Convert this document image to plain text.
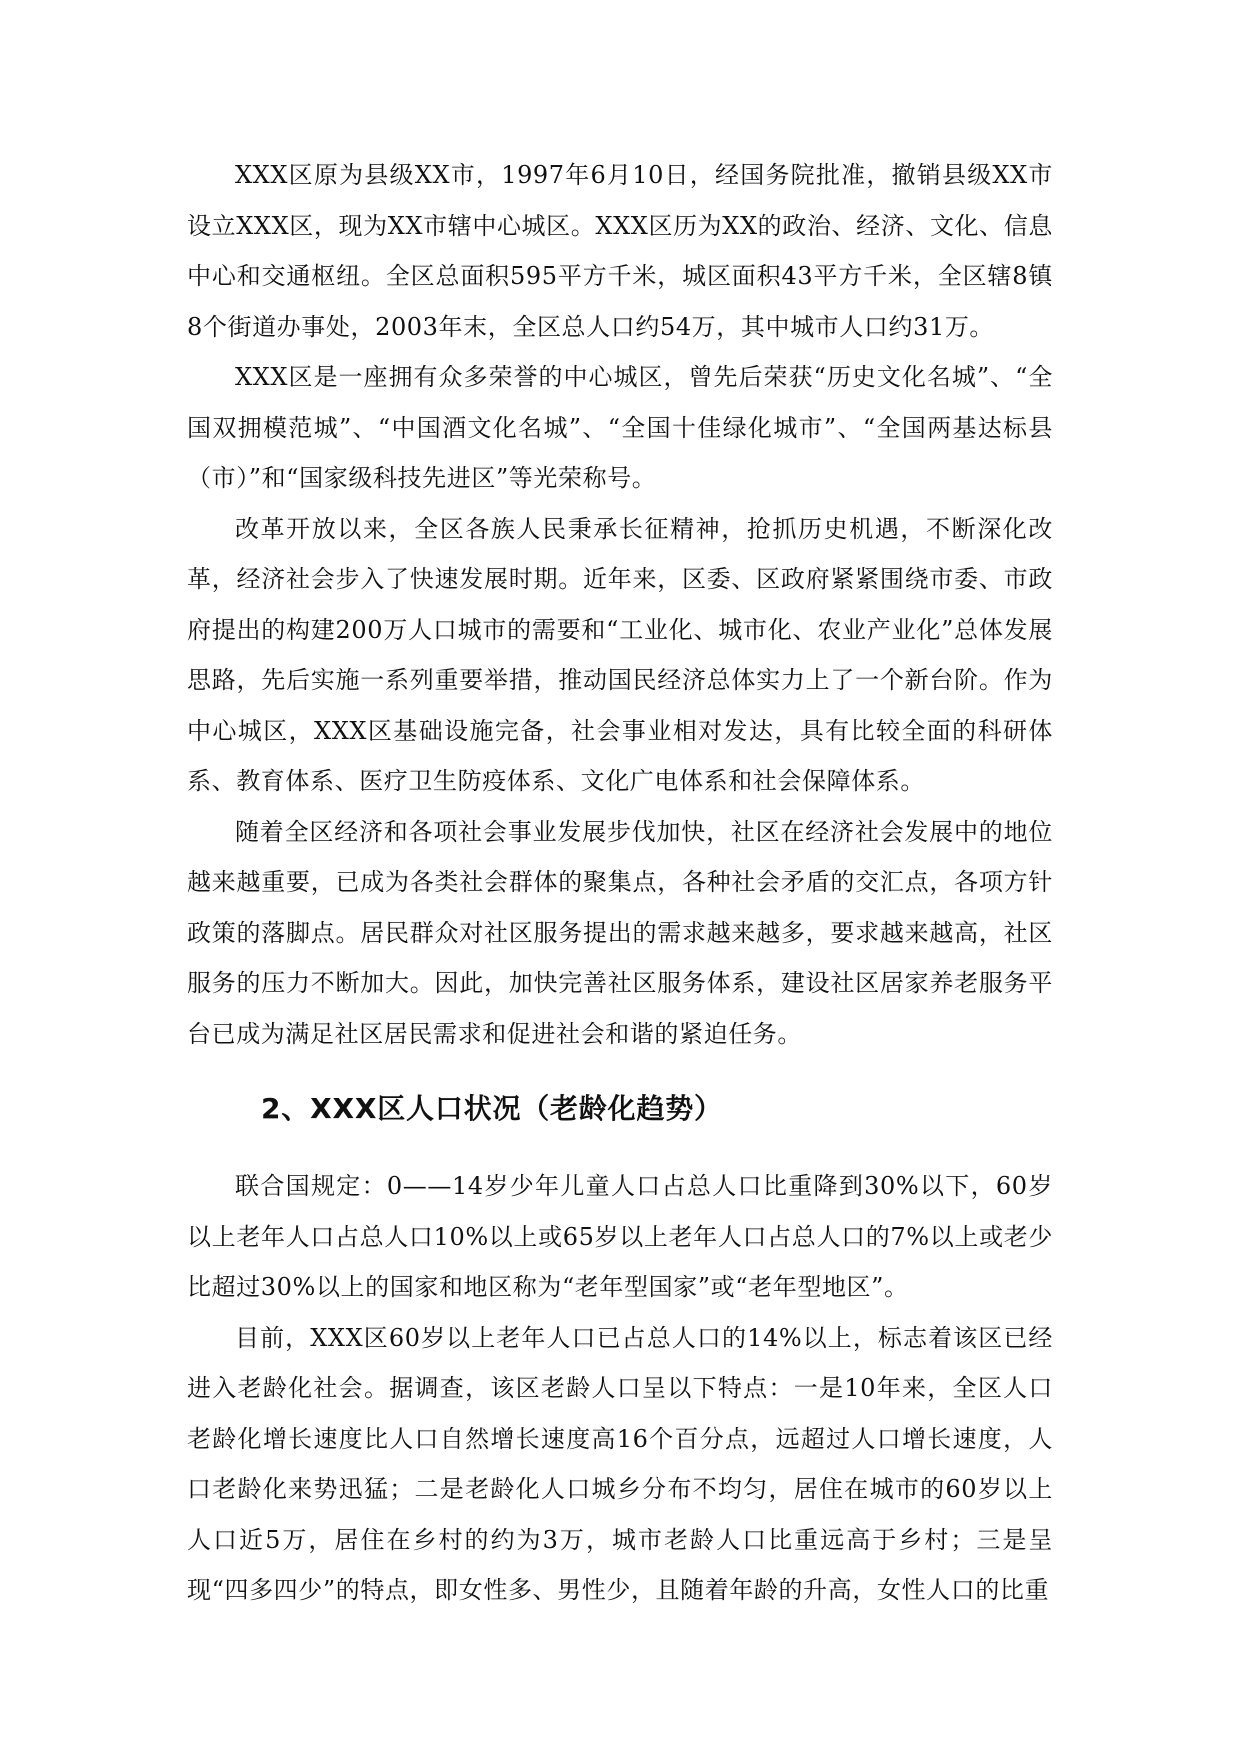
XXX区原为县级XX市，1997年6月10日，经国务院批准，撤销县级XX市设立XXX区，现为XX市辖中心城区。XXX区历为XX的政治、经济、文化、信息中心和交通枢纽。全区总面积595平方千米，城区面积43平方千米，全区辖8镇8个街道办事处，2003年末，全区总人口约54万，其中城市人口约31万。

XXX区是一座拥有众多荣誉的中心城区，曾先后荣获“历史文化名城”、“全国双拥模范城”、“中国酒文化名城”、“全国十佳绿化城市”、“全国两基达标县（市）”和“国家级科技先进区”等光荣称号。

改革开放以来，全区各族人民秉承长征精神，抢抓历史机遇，不断深化改革，经济社会步入了快速发展时期。近年来，区委、区政府紧紧围绕市委、市政府提出的构建200万人口城市的需要和“工业化、城市化、农业产业化”总体发展思路，先后实施一系列重要举措，推动国民经济总体实力上了一个新台阶。作为中心城区，XXX区基础设施完备，社会事业相对发达，具有比较全面的科研体系、教育体系、医疗卫生防疫体系、文化广电体系和社会保障体系。

随着全区经济和各项社会事业发展步伐加快，社区在经济社会发展中的地位越来越重要，已成为各类社会群体的聚集点，各种社会矛盾的交汇点，各项方针政策的落脚点。居民群众对社区服务提出的需求越来越多，要求越来越高，社区服务的压力不断加大。因此，加快完善社区服务体系，建设社区居家养老服务平台已成为满足社区居民需求和促进社会和谐的紧迫任务。

2、XXX区人口状况（老龄化趋势）

联合国规定：0——14岁少年儿童人口占总人口比重降到30%以下，60岁以上老年人口占总人口10%以上或65岁以上老年人口占总人口的7%以上或老少比超过30%以上的国家和地区称为“老年型国家”或“老年型地区”。

目前，XXX区60岁以上老年人口已占总人口的14%以上，标志着该区已经进入老龄化社会。据调查，该区老龄人口呈以下特点：一是10年来，全区人口老龄化增长速度比人口自然增长速度高16个百分点，远超过人口增长速度，人口老龄化来势迅猛；二是老龄化人口城乡分布不均匀，居住在城市的60岁以上人口近5万，居住在乡村的约为3万，城市老龄人口比重远高于乡村；三是呈现“四多四少”的特点，即女性多、男性少，且随着年龄的升高，女性人口的比重
